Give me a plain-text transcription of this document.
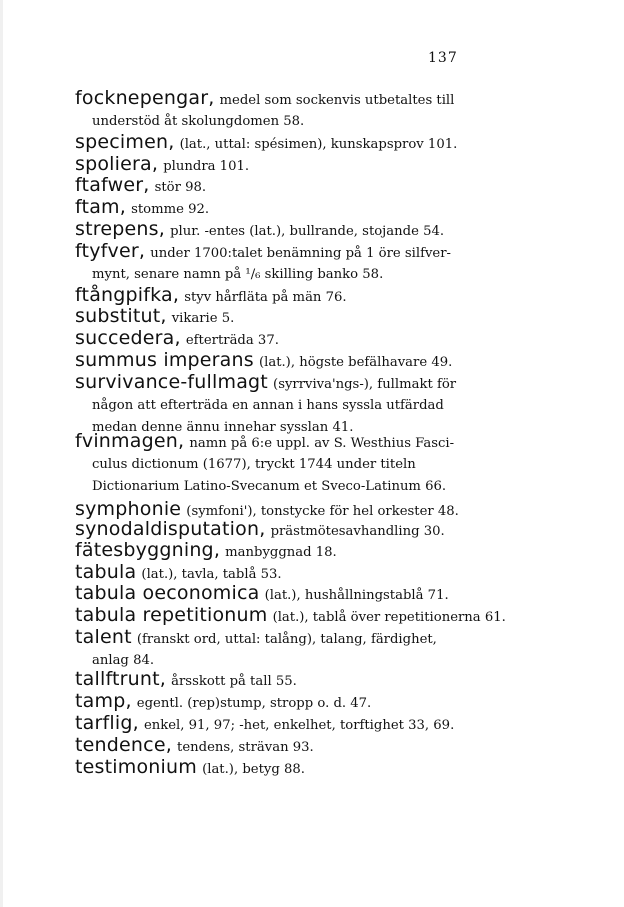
137
focknepengar, medel som sockenvis utbetaltes till
understöd åt skolungdomen 58.
specimen, (lat., uttal: spésimen), kunskapsprov 101.
spoliera, plundra 101.
ftafwer, stör 98.
ftam, stomme 92.
strepens, plur. -entes (lat.), bullrande, stojande 54.
ftyfver, under 1700:talet benämning på 1 öre silfver-
mynt, senare namn på ¹/₆ skilling banko 58.
ftångpifka, styv hårfläta på män 76.
substitut, vikarie 5.
succedera, efterträda 37.
summus imperans (lat.), högste befälhavare 49.
survivance-fullmagt (syrrviva'ngs-), fullmakt för
någon att efterträda en annan i hans syssla utfärdad
medan denne ännu innehar sysslan 41.
fvinmagen, namn på 6:e uppl. av S. Westhius Fasci-
culus dictionum (1677), tryckt 1744 under titeln
Dictionarium Latino-Svecanum et Sveco-Latinum 66.
symphonie (symfoni'), tonstycke för hel orkester 48.
synodaldisputation, prästmötesavhandling 30.
fätesbyggning, manbyggnad 18.
tabula (lat.), tavla, tablå 53.
tabula oeconomica (lat.), hushållningstablå 71.
tabula repetitionum (lat.), tablå över repetitionerna 61.
talent (franskt ord, uttal: talång), talang, färdighet,
anlag 84.
tallftrunt, årsskott på tall 55.
tamp, egentl. (rep)stump, stropp o. d. 47.
tarflig, enkel, 91, 97; -het, enkelhet, torftighet 33, 69.
tendence, tendens, strävan 93.
testimonium (lat.), betyg 88.
